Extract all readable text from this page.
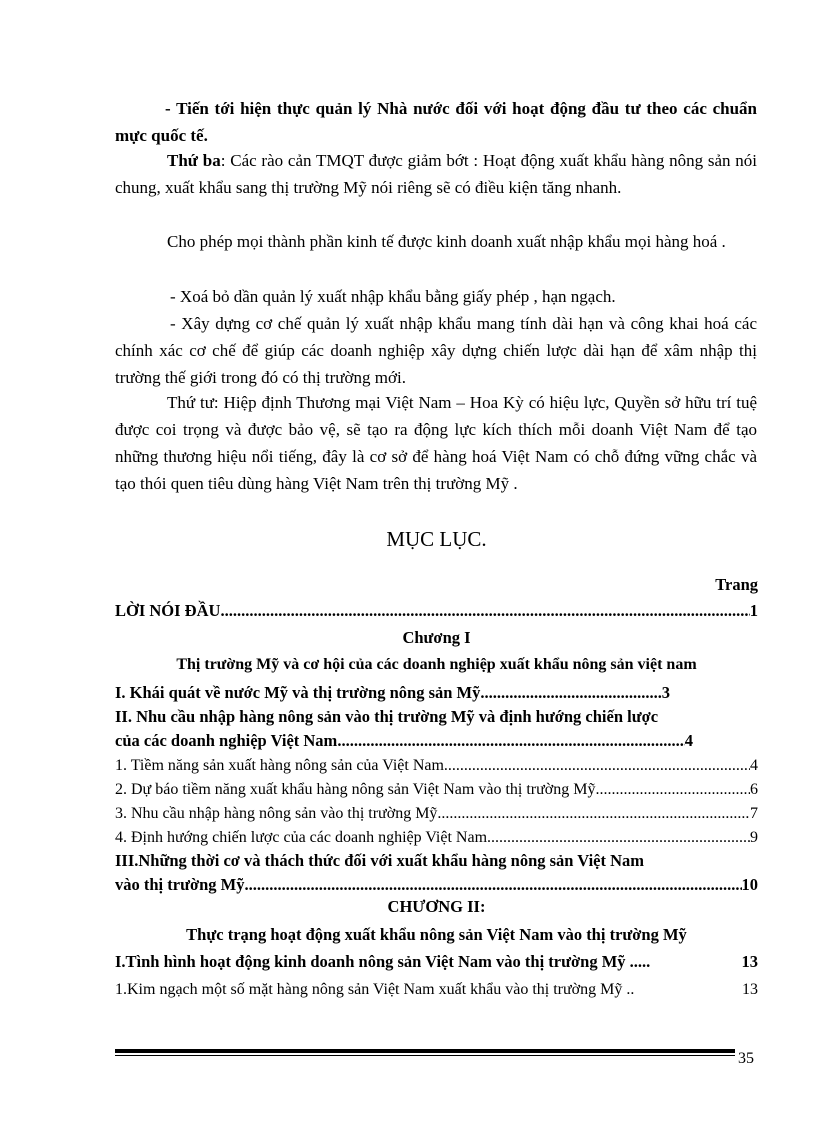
- Tiến tới hiện thực quản lý Nhà nước đối với hoạt động đầu tư theo các chuẩn mực quốc tế.

Thứ ba: Các rào cản TMQT được giảm bớt : Hoạt động xuất khẩu hàng nông sản nói chung, xuất khẩu sang thị trường Mỹ nói riêng sẽ có điều kiện tăng nhanh.

Cho phép mọi thành phần kinh tế được kinh doanh xuất nhập khẩu mọi hàng hoá .

- Xoá bỏ dần quản lý xuất nhập khẩu bằng giấy phép , hạn ngạch.

- Xây dựng cơ chế quản lý xuất nhập khẩu mang tính dài hạn và công khai hoá các chính xác cơ chế để giúp các doanh nghiệp xây dựng chiến lược dài hạn để xâm nhập thị trường thế giới trong đó có thị trường mới.

Thứ tư: Hiệp định Thương mại Việt Nam – Hoa Kỳ có hiệu lực, Quyền sở hữu trí tuệ được coi trọng và được bảo vệ, sẽ tạo ra động lực kích thích mỗi doanh Việt Nam để tạo những thương hiệu nổi tiếng, đây là cơ sở để hàng hoá Việt Nam có chỗ đứng vững chắc và tạo thói quen tiêu dùng hàng Việt Nam trên thị trường Mỹ .

MỤC LỤC.
Trang
LỜI NÓI ĐẦU .....	1
Chương I
Thị trường Mỹ và cơ hội của các doanh nghiệp xuất khẩu nông sản việt nam
I. Khái quát về nước Mỹ và thị trường nông sản Mỹ .....	3
II. Nhu cầu nhập hàng nông sản vào thị trường Mỹ và định hướng chiến lược
của các doanh nghiệp Việt Nam .....	4
1. Tiềm năng sản xuất hàng nông sản của Việt Nam .....	4
2. Dự báo tiềm năng xuất khẩu hàng nông sản Việt Nam vào thị trường Mỹ .....	6
3. Nhu cầu nhập hàng nông sản vào thị trường Mỹ .....	7
4. Định hướng chiến lược của các doanh nghiệp Việt Nam .....	9
III.Những thời cơ và thách thức đối với xuất khẩu hàng nông sản Việt Nam
vào thị trường Mỹ .....	10
CHƯƠNG II:
Thực trạng hoạt động xuất khẩu nông sản Việt Nam vào thị trường Mỹ
I.Tình hình hoạt động kinh doanh nông sản Việt Nam vào thị trường Mỹ .....	13
1.Kim ngạch một số mặt hàng nông sản Việt Nam xuất khẩu vào thị trường Mỹ ..	13
35
